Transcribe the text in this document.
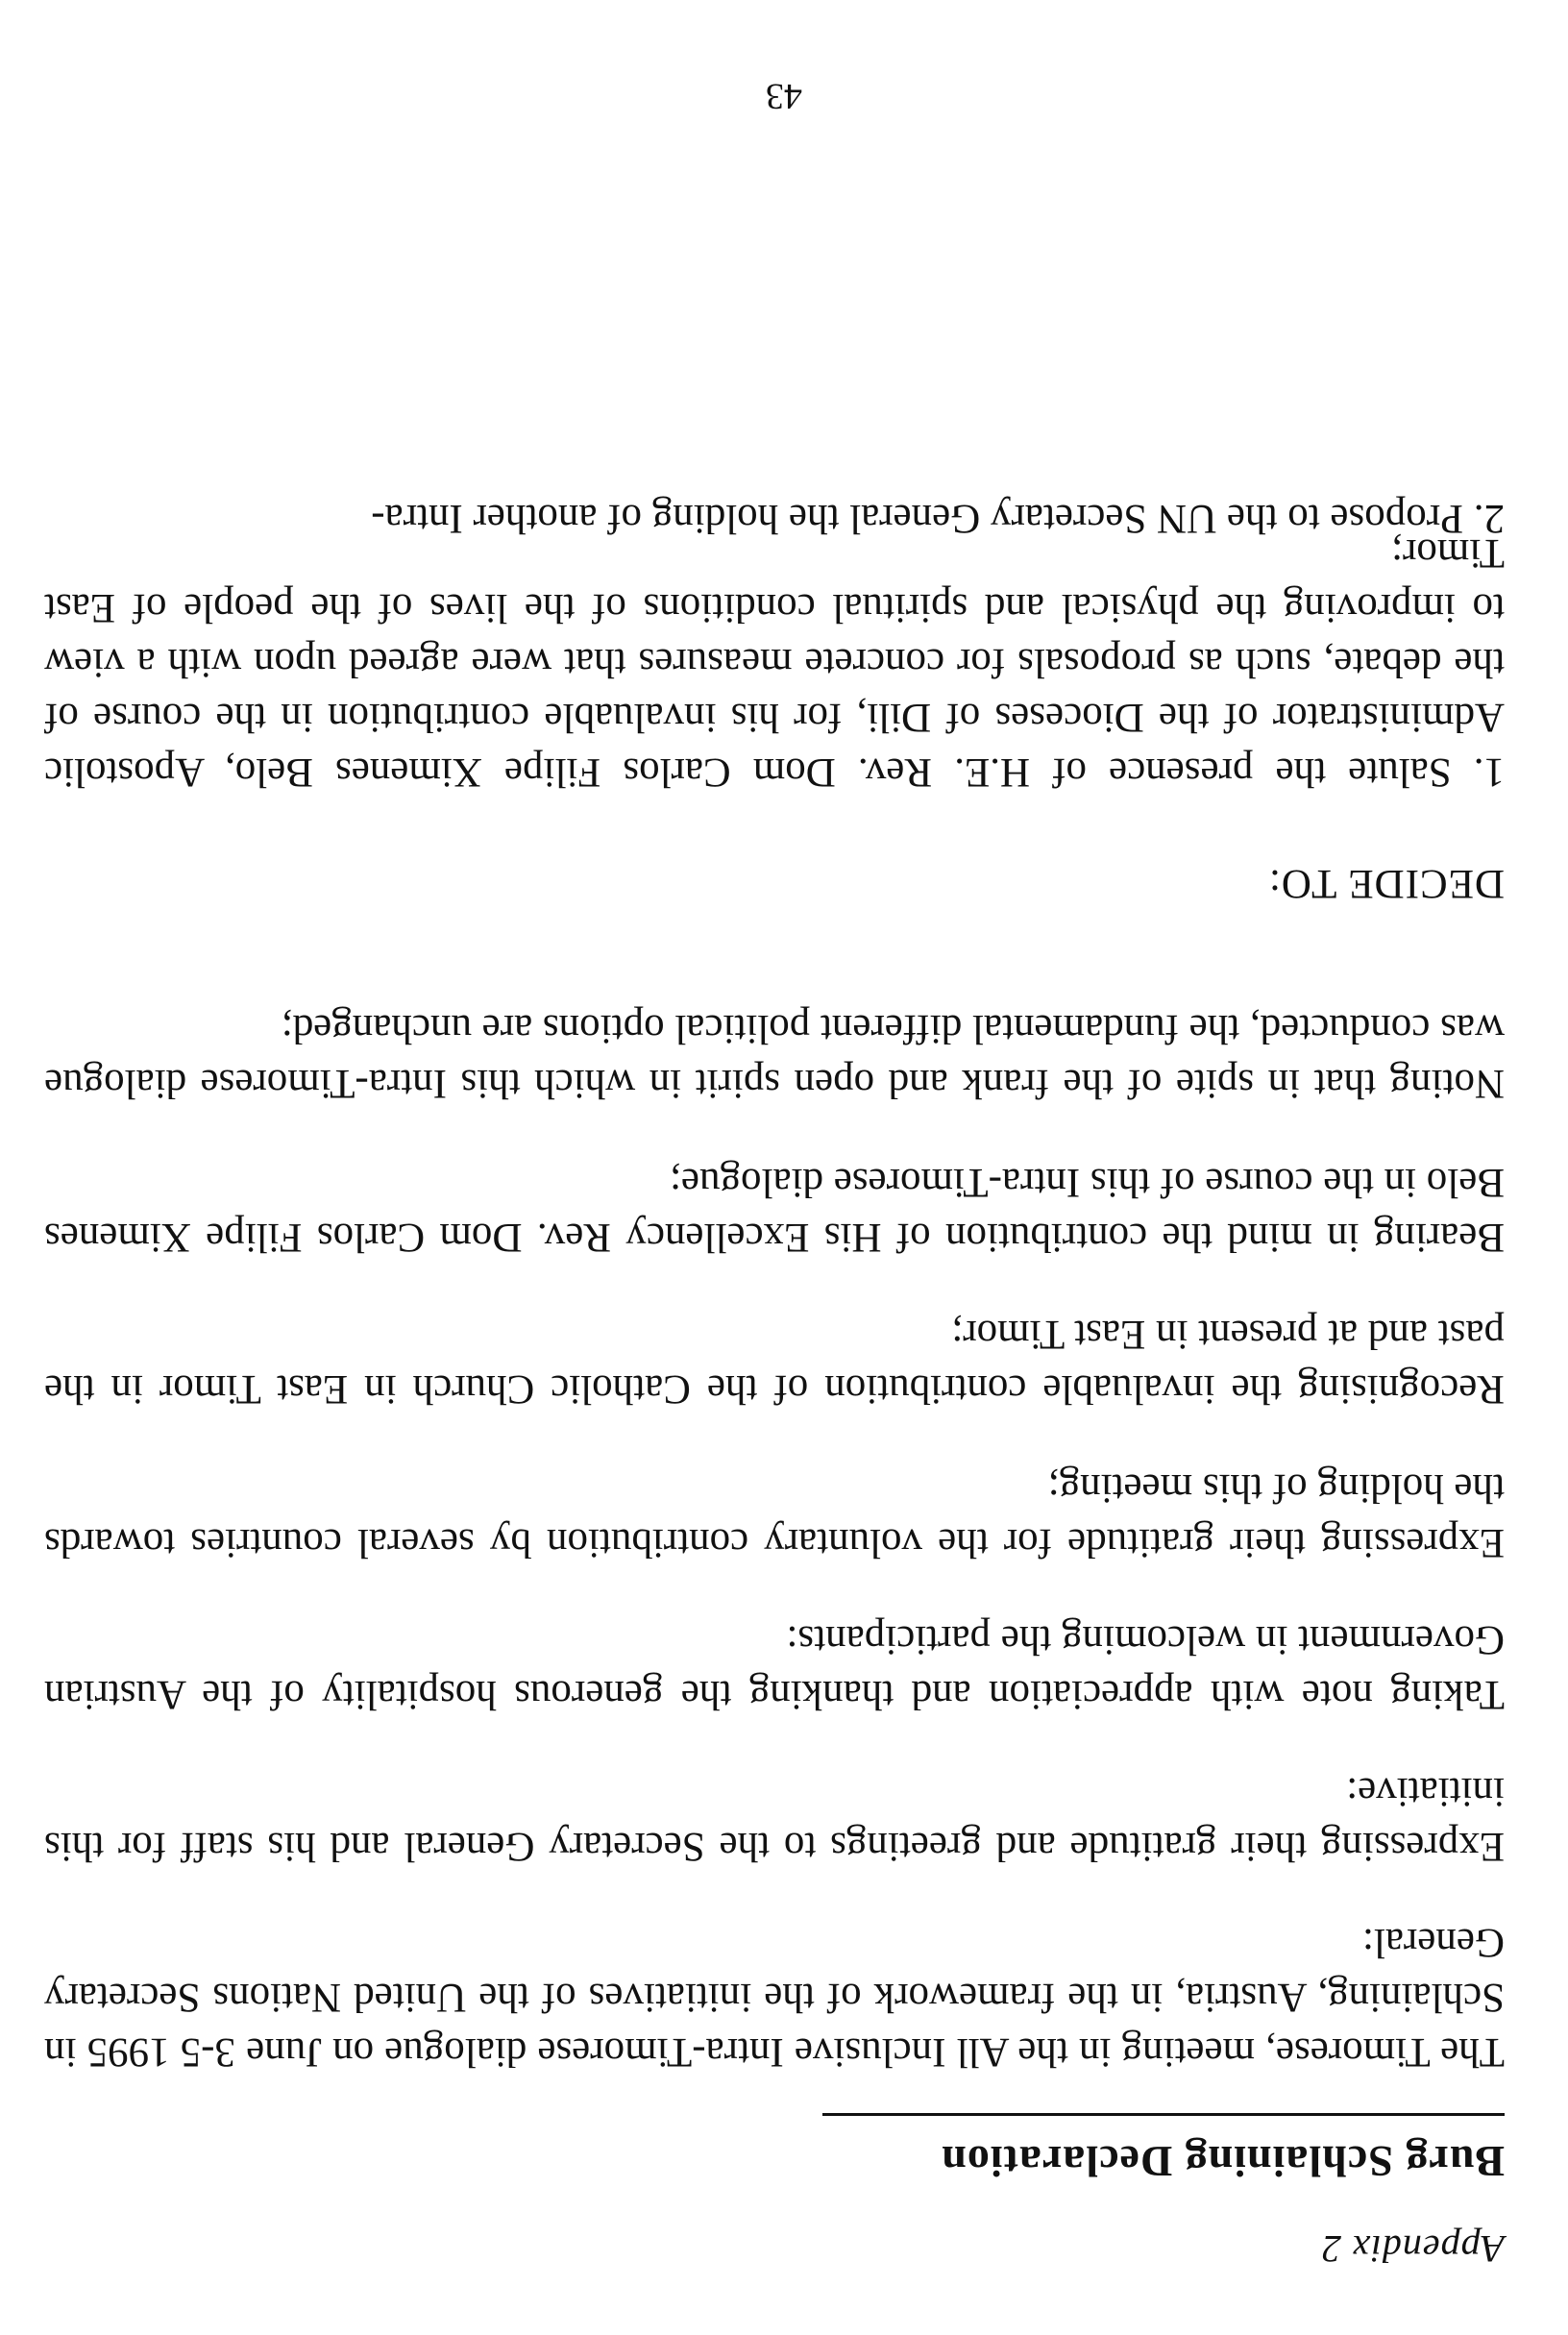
Appendix 2

Burg Schlaining Declaration

The Timorese, meeting in the All Inclusive Intra-Timorese dialogue on June 3-5 1995 in Schlaining, Austria, in the framework of the initiatives of the United Nations Secretary General:

Expressing their gratitude and greetings to the Secretary General and his staff for this initiative:

Taking note with appreciation and thanking the generous hospitality of the Austrian Government in welcoming the participants:

Expressing their gratitude for the voluntary contribution by several countries towards the holding of this meeting;

Recognising the invaluable contribution of the Catholic Church in East Timor in the past and at present in East Timor;

Bearing in mind the contribution of His Excellency Rev. Dom Carlos Filipe Ximenes Belo in the course of this Intra-Timorese dialogue;

Noting that in spite of the frank and open spirit in which this Intra-Timorese dialogue was conducted, the fundamental different political options are unchanged;

DECIDE TO:

1. Salute the presence of H.E. Rev. Dom Carlos Filipe Ximenes Belo, Apostolic Administrator of the Dioceses of Dili, for his invaluable contribution in the course of the debate, such as proposals for concrete measures that were agreed upon with a view to improving the physical and spiritual conditions of the lives of the people of East Timor;

2. Propose to the UN Secretary General the holding of another Intra-

43
